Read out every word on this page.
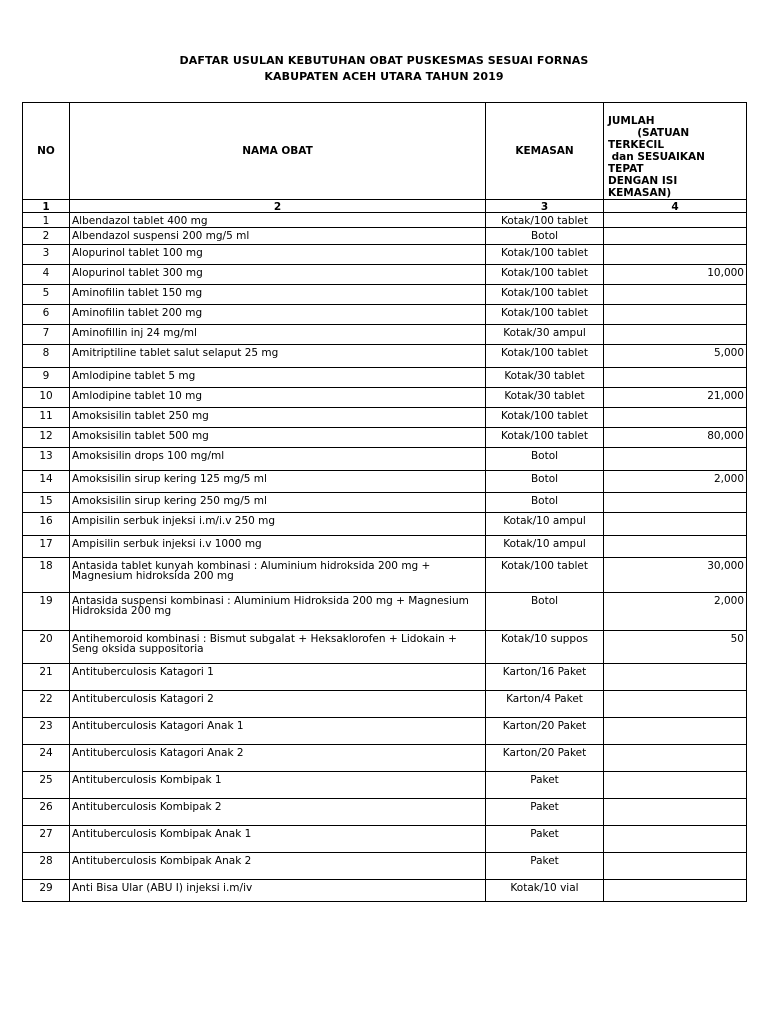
DAFTAR USULAN KEBUTUHAN OBAT PUSKESMAS SESUAI FORNAS
KABUPATEN ACEH UTARA TAHUN 2019
NO	NAMA OBAT	KEMASAN	JUMLAH
(SATUAN TERKECIL
dan SESUAIKAN TEPAT
DENGAN ISI KEMASAN)

1	2	3	4
1	Albendazol tablet 400 mg	Kotak/100 tablet	
2	Albendazol suspensi 200 mg/5 ml	Botol	
3	Alopurinol tablet 100 mg	Kotak/100 tablet	
4	Alopurinol tablet 300 mg	Kotak/100 tablet	10,000
5	Aminofilin tablet 150 mg	Kotak/100 tablet	
6	Aminofilin tablet 200 mg	Kotak/100 tablet	
7	Aminofillin inj 24 mg/ml	Kotak/30 ampul	
8	Amitriptiline tablet salut selaput 25 mg	Kotak/100 tablet	5,000
9	Amlodipine tablet 5 mg	Kotak/30 tablet	
10	Amlodipine tablet 10 mg	Kotak/30 tablet	21,000
11	Amoksisilin tablet 250 mg	Kotak/100 tablet	
12	Amoksisilin tablet 500 mg	Kotak/100 tablet	80,000
13	Amoksisilin drops 100 mg/ml	Botol	
14	Amoksisilin sirup kering 125 mg/5 ml	Botol	2,000
15	Amoksisilin sirup kering 250 mg/5 ml	Botol	
16	Ampisilin serbuk injeksi i.m/i.v 250 mg	Kotak/10 ampul	
17	Ampisilin serbuk injeksi i.v 1000 mg	Kotak/10 ampul	
18	Antasida tablet kunyah kombinasi : Aluminium hidroksida 200 mg + Magnesium hidroksida 200 mg	Kotak/100 tablet	30,000
19	Antasida suspensi kombinasi : Aluminium Hidroksida 200 mg + Magnesium Hidroksida 200 mg	Botol	2,000
20	Antihemoroid kombinasi : Bismut subgalat + Heksaklorofen + Lidokain + Seng oksida suppositoria	Kotak/10 suppos	50
21	Antituberculosis Katagori 1	Karton/16 Paket	
22	Antituberculosis Katagori 2	Karton/4 Paket	
23	Antituberculosis Katagori Anak 1	Karton/20 Paket	
24	Antituberculosis Katagori Anak 2	Karton/20 Paket	
25	Antituberculosis Kombipak 1	Paket	
26	Antituberculosis Kombipak 2	Paket	
27	Antituberculosis Kombipak Anak 1	Paket	
28	Antituberculosis Kombipak Anak 2	Paket	
29	Anti Bisa Ular (ABU I) injeksi i.m/iv	Kotak/10 vial	
